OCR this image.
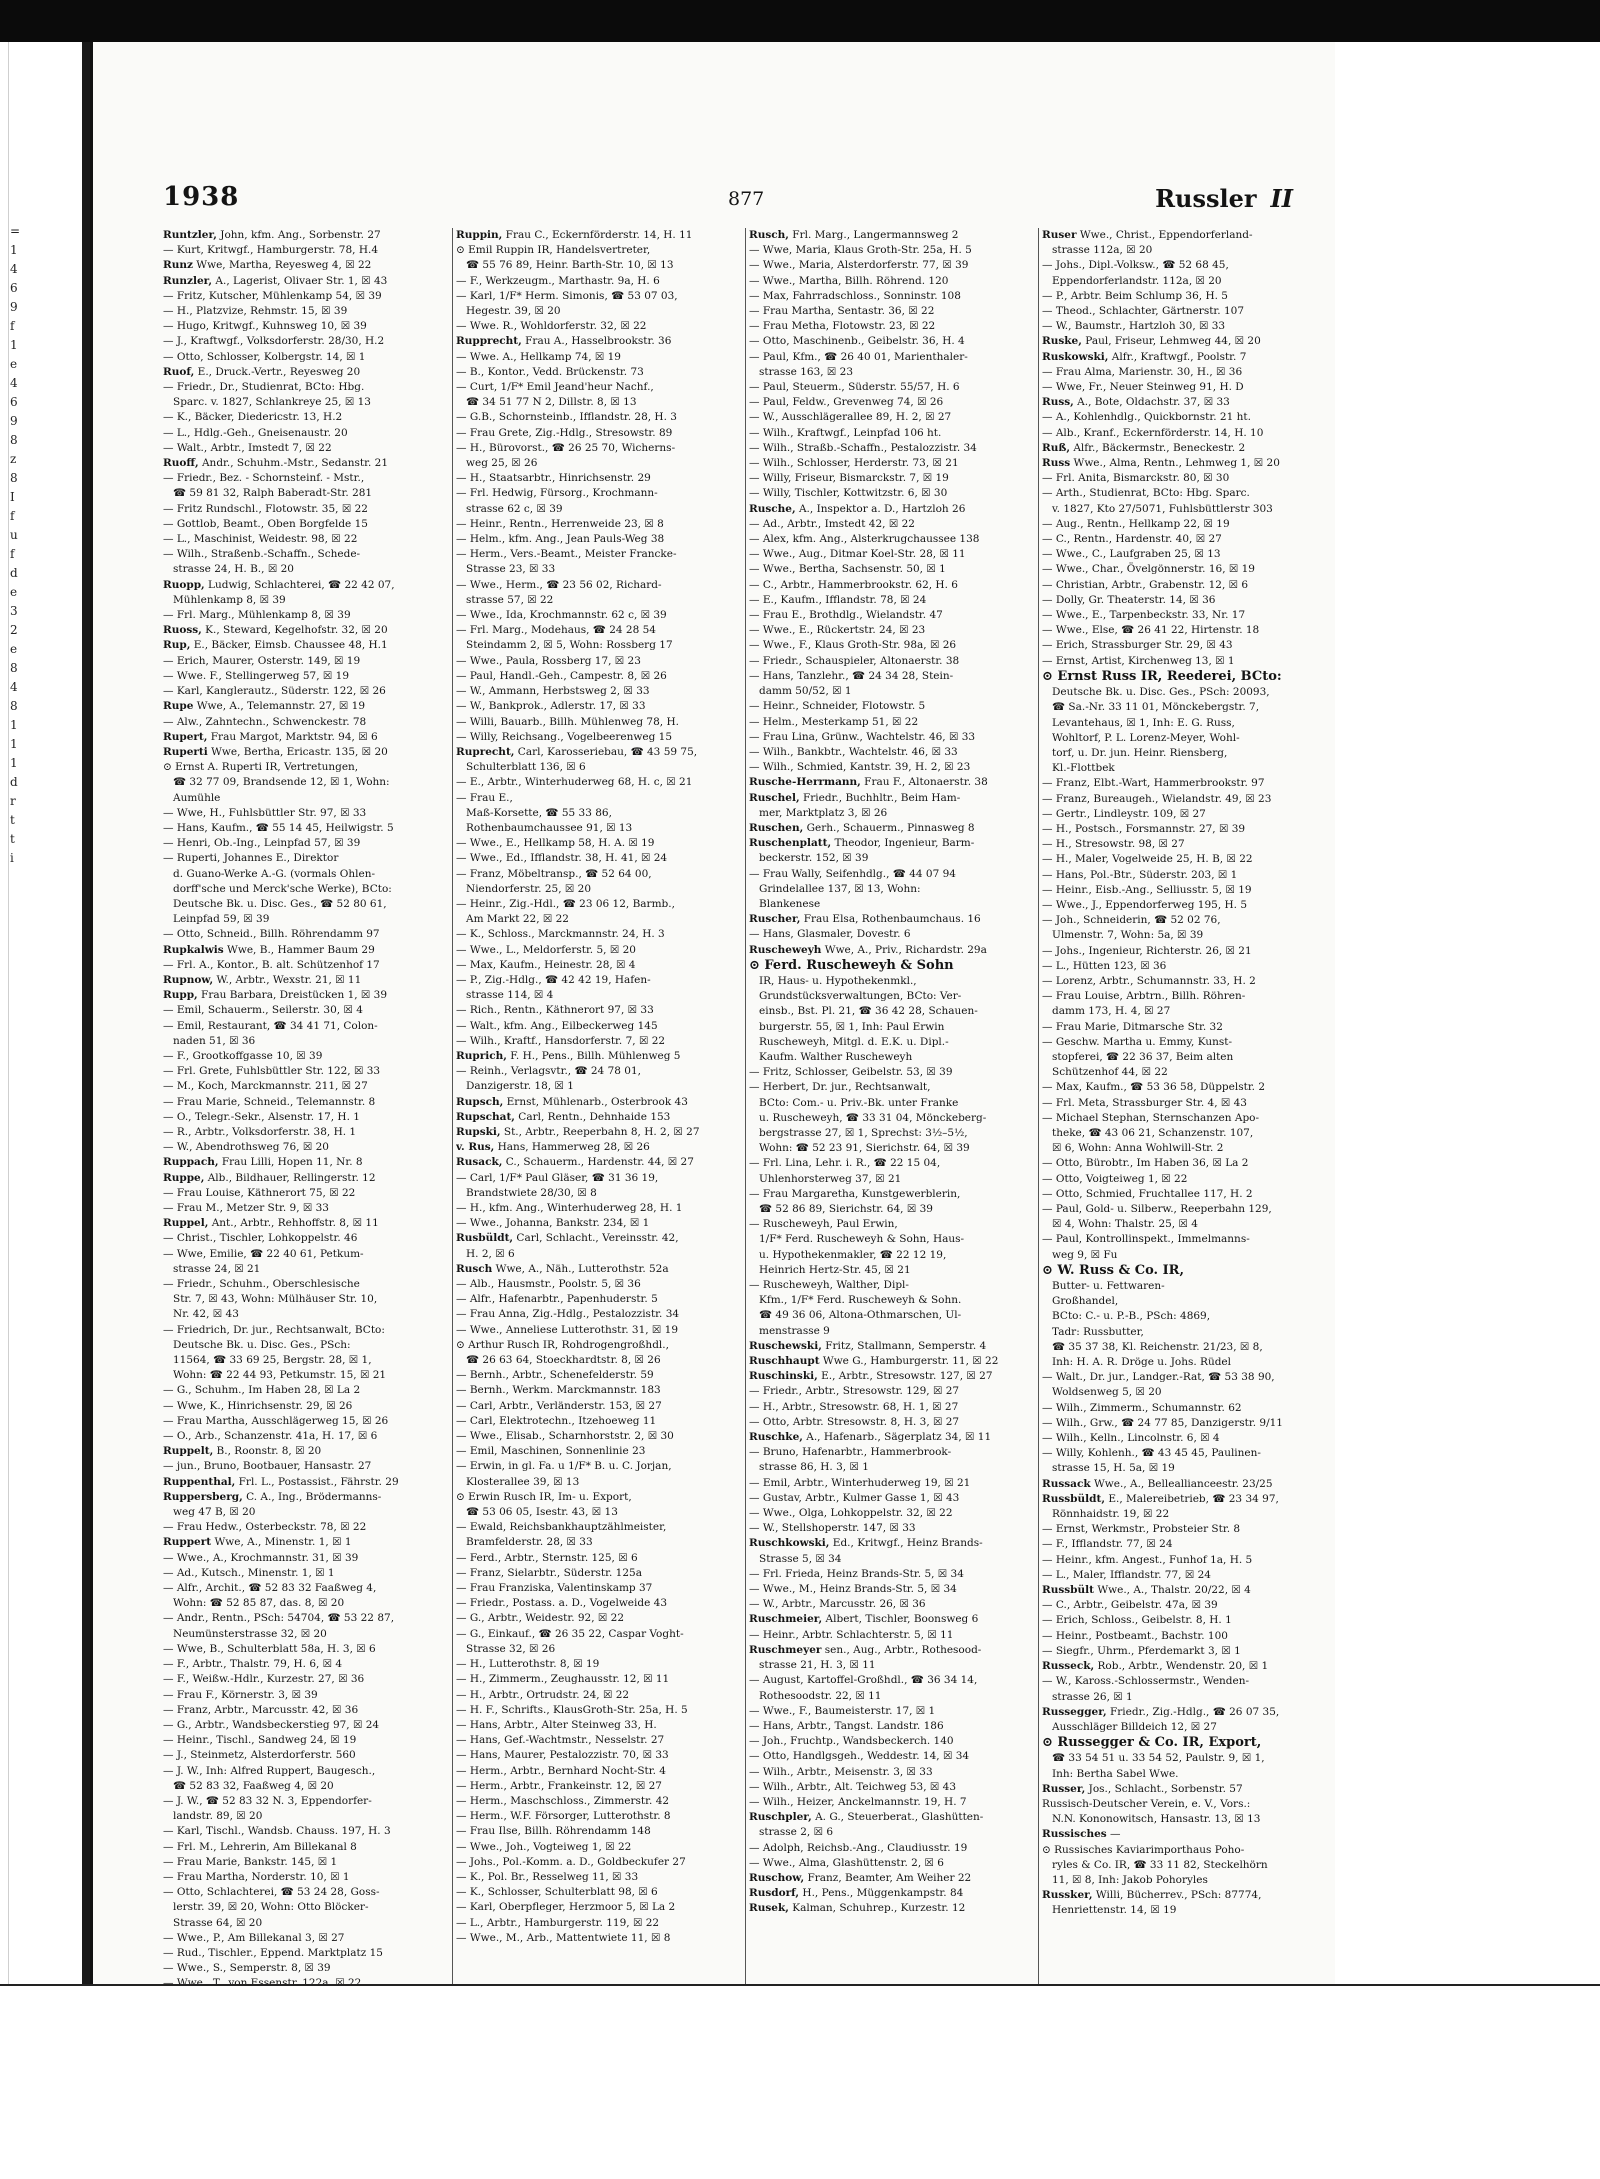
=
1
4
6
9
f
1
e
4
6
9
8
z
8
I
f
u
f
d
e
3
2
e
8
4
8
1
1
1
d
r
t
t
i
1938	877	Russler II
Runtzler, John, kfm. Ang., Sorbenstr. 27
— Kurt, Kritwgf., Hamburgerstr. 78, H.4
Runz Wwe, Martha, Reyesweg 4, ☒ 22
Runzler, A., Lagerist, Olivaer Str. 1, ☒ 43
— Fritz, Kutscher, Mühlenkamp 54, ☒ 39
— H., Platzvize, Rehmstr. 15, ☒ 39
— Hugo, Kritwgf., Kuhnsweg 10, ☒ 39
— J., Kraftwgf., Volksdorferstr. 28/30, H.2
— Otto, Schlosser, Kolbergstr. 14, ☒ 1
Ruof, E., Druck.-Vertr., Reyesweg 20
— Friedr., Dr., Studienrat, BCto: Hbg.
Sparc. v. 1827, Schlankreye 25, ☒ 13
— K., Bäcker, Diedericstr. 13, H.2
— L., Hdlg.-Geh., Gneisenaustr. 20
— Walt., Arbtr., Imstedt 7, ☒ 22
Ruoff, Andr., Schuhm.-Mstr., Sedanstr. 21
— Friedr., Bez. - Schornsteinf. - Mstr.,
☎ 59 81 32, Ralph Baberadt-Str. 281
— Fritz Rundschl., Flotowstr. 35, ☒ 22
— Gottlob, Beamt., Oben Borgfelde 15
— L., Maschinist, Weidestr. 98, ☒ 22
— Wilh., Straßenb.-Schaffn., Schede-
strasse 24, H. B., ☒ 20
Ruopp, Ludwig, Schlachterei, ☎ 22 42 07,
Mühlenkamp 8, ☒ 39
— Frl. Marg., Mühlenkamp 8, ☒ 39
Ruoss, K., Steward, Kegelhofstr. 32, ☒ 20
Rup, E., Bäcker, Eimsb. Chaussee 48, H.1
— Erich, Maurer, Osterstr. 149, ☒ 19
— Wwe. F., Stellingerweg 57, ☒ 19
— Karl, Kanglerautz., Süderstr. 122, ☒ 26
Rupe Wwe, A., Telemannstr. 27, ☒ 19
— Alw., Zahntechn., Schwenckestr. 78
Rupert, Frau Margot, Marktstr. 94, ☒ 6
Ruperti Wwe, Bertha, Ericastr. 135, ☒ 20
⊙ Ernst A. Ruperti IR, Vertretungen,
☎ 32 77 09, Brandsende 12, ☒ 1, Wohn:
Aumühle
— Wwe, H., Fuhlsbüttler Str. 97, ☒ 33
— Hans, Kaufm., ☎ 55 14 45, Heilwigstr. 5
— Henri, Ob.-Ing., Leinpfad 57, ☒ 39
— Ruperti, Johannes E., Direktor
d. Guano-Werke A.-G. (vormals Ohlen-
dorff'sche und Merck'sche Werke), BCto:
Deutsche Bk. u. Disc. Ges., ☎ 52 80 61,
Leinpfad 59, ☒ 39
— Otto, Schneid., Billh. Röhrendamm 97
Rupkalwis Wwe, B., Hammer Baum 29
— Frl. A., Kontor., B. alt. Schützenhof 17
Rupnow, W., Arbtr., Wexstr. 21, ☒ 11
Rupp, Frau Barbara, Dreistücken 1, ☒ 39
— Emil, Schauerm., Seilerstr. 30, ☒ 4
— Emil, Restaurant, ☎ 34 41 71, Colon-
naden 51, ☒ 36
— F., Grootkoffgasse 10, ☒ 39
— Frl. Grete, Fuhlsbüttler Str. 122, ☒ 33
— M., Koch, Marckmannstr. 211, ☒ 27
— Frau Marie, Schneid., Telemannstr. 8
— O., Telegr.-Sekr., Alsenstr. 17, H. 1
— R., Arbtr., Volksdorferstr. 38, H. 1
— W., Abendrothsweg 76, ☒ 20
Ruppach, Frau Lilli, Hopen 11, Nr. 8
Ruppe, Alb., Bildhauer, Rellingerstr. 12
— Frau Louise, Käthnerort 75, ☒ 22
— Frau M., Metzer Str. 9, ☒ 33
Ruppel, Ant., Arbtr., Rehhoffstr. 8, ☒ 11
— Christ., Tischler, Lohkoppelstr. 46
— Wwe, Emilie, ☎ 22 40 61, Petkum-
strasse 24, ☒ 21
— Friedr., Schuhm., Oberschlesische
Str. 7, ☒ 43, Wohn: Mülhäuser Str. 10,
Nr. 42, ☒ 43
— Friedrich, Dr. jur., Rechtsanwalt, BCto:
Deutsche Bk. u. Disc. Ges., PSch:
11564, ☎ 33 69 25, Bergstr. 28, ☒ 1,
Wohn: ☎ 22 44 93, Petkumstr. 15, ☒ 21
— G., Schuhm., Im Haben 28, ☒ La 2
— Wwe, K., Hinrichsenstr. 29, ☒ 26
— Frau Martha, Ausschlägerweg 15, ☒ 26
— O., Arb., Schanzenstr. 41a, H. 17, ☒ 6
Ruppelt, B., Roonstr. 8, ☒ 20
— jun., Bruno, Bootbauer, Hansastr. 27
Ruppenthal, Frl. L., Postassist., Fährstr. 29
Ruppersberg, C. A., Ing., Brödermanns-
weg 47 B, ☒ 20
— Frau Hedw., Osterbeckstr. 78, ☒ 22
Ruppert Wwe, A., Minenstr. 1, ☒ 1
— Wwe., A., Krochmannstr. 31, ☒ 39
— Ad., Kutsch., Minenstr. 1, ☒ 1
— Alfr., Archit., ☎ 52 83 32 Faaßweg 4,
Wohn: ☎ 52 85 87, das. 8, ☒ 20
— Andr., Rentn., PSch: 54704, ☎ 53 22 87,
Neumünsterstrasse 32, ☒ 20
— Wwe, B., Schulterblatt 58a, H. 3, ☒ 6
— F., Arbtr., Thalstr. 79, H. 6, ☒ 4
— F., Weißw.-Hdlr., Kurzestr. 27, ☒ 36
— Frau F., Körnerstr. 3, ☒ 39
— Franz, Arbtr., Marcusstr. 42, ☒ 36
— G., Arbtr., Wandsbeckerstieg 97, ☒ 24
— Heinr., Tischl., Sandweg 24, ☒ 19
— J., Steinmetz, Alsterdorferstr. 560
— J. W., Inh: Alfred Ruppert, Baugesch.,
☎ 52 83 32, Faaßweg 4, ☒ 20
— J. W., ☎ 52 83 32 N. 3, Eppendorfer-
landstr. 89, ☒ 20
— Karl, Tischl., Wandsb. Chauss. 197, H. 3
— Frl. M., Lehrerin, Am Billekanal 8
— Frau Marie, Bankstr. 145, ☒ 1
— Frau Martha, Norderstr. 10, ☒ 1
— Otto, Schlachterei, ☎ 53 24 28, Goss-
lerstr. 39, ☒ 20, Wohn: Otto Blöcker-
Strasse 64, ☒ 20
— Wwe., P., Am Billekanal 3, ☒ 27
— Rud., Tischler., Eppend. Marktplatz 15
— Wwe., S., Semperstr. 8, ☒ 39
Ruppin, Frau C., Eckernförderstr. 14, H. 11
⊙ Emil Ruppin IR, Handelsvertreter,
☎ 55 76 89, Heinr. Barth-Str. 10, ☒ 13
— F., Werkzeugm., Marthastr. 9a, H. 6
— Karl, 1/F* Herm. Simonis, ☎ 53 07 03,
Hegestr. 39, ☒ 20
— Wwe. R., Wohldorferstr. 32, ☒ 22
Rupprecht, Frau A., Hasselbrookstr. 36
— Wwe. A., Hellkamp 74, ☒ 19
— B., Kontor., Vedd. Brückenstr. 73
— Curt, 1/F* Emil Jeand'heur Nachf.,
☎ 34 51 77 N 2, Dillstr. 8, ☒ 13
— G.B., Schornsteinb., Ifflandstr. 28, H. 3
— Frau Grete, Zig.-Hdlg., Stresowstr. 89
— H., Bürovorst., ☎ 26 25 70, Wicherns-
weg 25, ☒ 26
— H., Staatsarbtr., Hinrichsenstr. 29
— Frl. Hedwig, Fürsorg., Krochmann-
strasse 62 c, ☒ 39
— Heinr., Rentn., Herrenweide 23, ☒ 8
— Helm., kfm. Ang., Jean Pauls-Weg 38
— Herm., Vers.-Beamt., Meister Francke-
Strasse 23, ☒ 33
— Wwe., Herm., ☎ 23 56 02, Richard-
strasse 57, ☒ 22
— Wwe., Ida, Krochmannstr. 62 c, ☒ 39
— Frl. Marg., Modehaus, ☎ 24 28 54
Steindamm 2, ☒ 5, Wohn: Rossberg 17
— Wwe., Paula, Rossberg 17, ☒ 23
— Paul, Handl.-Geh., Campestr. 8, ☒ 26
— W., Ammann, Herbstsweg 2, ☒ 33
— W., Bankprok., Adlerstr. 17, ☒ 33
— Willi, Bauarb., Billh. Mühlenweg 78, H.
— Willy, Reichsang., Vogelbeerenweg 15
Ruprecht, Carl, Karosseriebau, ☎ 43 59 75,
Schulterblatt 136, ☒ 6
— E., Arbtr., Winterhuderweg 68, H. c, ☒ 21
— Frau E.,
Maß-Korsette, ☎ 55 33 86,
Rothenbaumchaussee 91, ☒ 13
— Wwe., E., Hellkamp 58, H. A. ☒ 19
— Wwe., Ed., Ifflandstr. 38, H. 41, ☒ 24
— Franz, Möbeltransp., ☎ 52 64 00,
Niendorferstr. 25, ☒ 20
— Heinr., Zig.-Hdl., ☎ 23 06 12, Barmb.,
Am Markt 22, ☒ 22
— K., Schloss., Marckmannstr. 24, H. 3
— Wwe., L., Meldorferstr. 5, ☒ 20
— Max, Kaufm., Heinestr. 28, ☒ 4
— P., Zig.-Hdlg., ☎ 42 42 19, Hafen-
strasse 114, ☒ 4
— Rich., Rentn., Käthnerort 97, ☒ 33
— Walt., kfm. Ang., Eilbeckerweg 145
— Wilh., Kraftf., Hansdorferstr. 7, ☒ 22
Ruprich, F. H., Pens., Billh. Mühlenweg 5
— Reinh., Verlagsvtr., ☎ 24 78 01,
Danzigerstr. 18, ☒ 1
Rupsch, Ernst, Mühlenarb., Osterbrook 43
Rupschat, Carl, Rentn., Dehnhaide 153
Rupski, St., Arbtr., Reeperbahn 8, H. 2, ☒ 27
v. Rus, Hans, Hammerweg 28, ☒ 26
Rusack, C., Schauerm., Hardenstr. 44, ☒ 27
— Carl, 1/F* Paul Gläser, ☎ 31 36 19,
Brandstwiete 28/30, ☒ 8
— H., kfm. Ang., Winterhuderweg 28, H. 1
— Wwe., Johanna, Bankstr. 234, ☒ 1
Rusbüldt, Carl, Schlacht., Vereinsstr. 42,
H. 2, ☒ 6
Rusch Wwe, A., Näh., Lutterothstr. 52a
— Alb., Hausmstr., Poolstr. 5, ☒ 36
— Alfr., Hafenarbtr., Papenhuderstr. 5
— Frau Anna, Zig.-Hdlg., Pestalozzistr. 34
— Wwe., Anneliese Lutterothstr. 31, ☒ 19
⊙ Arthur Rusch IR, Rohdrogengroßhdl.,
☎ 26 63 64, Stoeckhardtstr. 8, ☒ 26
— Bernh., Arbtr., Schenefelderstr. 59
— Bernh., Werkm. Marckmannstr. 183
— Carl, Arbtr., Verländerstr. 153, ☒ 27
— Carl, Elektrotechn., Itzehoeweg 11
— Wwe., Elisab., Scharnhorststr. 2, ☒ 30
— Emil, Maschinen, Sonnenlinie 23
— Erwin, in gl. Fa. u 1/F* B. u. C. Jorjan,
Klosterallee 39, ☒ 13
⊙ Erwin Rusch IR, Im- u. Export,
☎ 53 06 05, Isestr. 43, ☒ 13
— Ewald, Reichsbankhauptzählmeister,
Bramfelderstr. 28, ☒ 33
— Ferd., Arbtr., Sternstr. 125, ☒ 6
— Franz, Sielarbtr., Süderstr. 125a
— Frau Franziska, Valentinskamp 37
— Friedr., Postass. a. D., Vogelweide 43
— G., Arbtr., Weidestr. 92, ☒ 22
— G., Einkauf., ☎ 26 35 22, Caspar Voght-
Strasse 32, ☒ 26
— H., Lutterothstr. 8, ☒ 19
— H., Zimmerm., Zeughausstr. 12, ☒ 11
— H., Arbtr., Ortrudstr. 24, ☒ 22
— H. F., Schrifts., KlausGroth-Str. 25a, H. 5
— Hans, Arbtr., Alter Steinweg 33, H.
— Hans, Gef.-Wachtmstr., Nesselstr. 27
— Hans, Maurer, Pestalozzistr. 70, ☒ 33
— Herm., Arbtr., Bernhard Nocht-Str. 4
— Herm., Arbtr., Frankeinstr. 12, ☒ 27
— Herm., Maschschloss., Zimmerstr. 42
— Herm., W.F. Försorger, Lutterothstr. 8
— Frau Ilse, Billh. Röhrendamm 148
— Wwe., Joh., Vogteiweg 1, ☒ 22
— Johs., Pol.-Komm. a. D., Goldbeckufer 27
— K., Pol. Br., Resselweg 11, ☒ 33
— K., Schlosser, Schulterblatt 98, ☒ 6
— Karl, Oberpfleger, Herzmoor 5, ☒ La 2
— L., Arbtr., Hamburgerstr. 119, ☒ 22
— Wwe., M., Arb., Mattentwiete 11, ☒ 8
Rusch, Frl. Marg., Langermannsweg 2
— Wwe, Maria, Klaus Groth-Str. 25a, H. 5
— Wwe., Maria, Alsterdorferstr. 77, ☒ 39
— Wwe., Martha, Billh. Röhrend. 120
— Max, Fahrradschloss., Sonninstr. 108
— Frau Martha, Sentastr. 36, ☒ 22
— Frau Metha, Flotowstr. 23, ☒ 22
— Otto, Maschinenb., Geibelstr. 36, H. 4
— Paul, Kfm., ☎ 26 40 01, Marienthaler-
strasse 163, ☒ 23
— Paul, Steuerm., Süderstr. 55/57, H. 6
— Paul, Feldw., Grevenweg 74, ☒ 26
— W., Ausschlägerallee 89, H. 2, ☒ 27
— Wilh., Kraftwgf., Leinpfad 106 ht.
— Wilh., Straßb.-Schaffn., Pestalozzistr. 34
— Wilh., Schlosser, Herderstr. 73, ☒ 21
— Willy, Friseur, Bismarckstr. 7, ☒ 19
— Willy, Tischler, Kottwitzstr. 6, ☒ 30
Rusche, A., Inspektor a. D., Hartzloh 26
— Ad., Arbtr., Imstedt 42, ☒ 22
— Alex, kfm. Ang., Alsterkrugchaussee 138
— Wwe., Aug., Ditmar Koel-Str. 28, ☒ 11
— Wwe., Bertha, Sachsenstr. 50, ☒ 1
— C., Arbtr., Hammerbrookstr. 62, H. 6
— E., Kaufm., Ifflandstr. 78, ☒ 24
— Frau E., Brothdlg., Wielandstr. 47
— Wwe., E., Rückertstr. 24, ☒ 23
— Wwe., F., Klaus Groth-Str. 98a, ☒ 26
— Friedr., Schauspieler, Altonaerstr. 38
— Hans, Tanzlehr., ☎ 24 34 28, Stein-
damm 50/52, ☒ 1
— Heinr., Schneider, Flotowstr. 5
— Helm., Mesterkamp 51, ☒ 22
— Frau Lina, Grünw., Wachtelstr. 46, ☒ 33
— Wilh., Bankbtr., Wachtelstr. 46, ☒ 33
— Wilh., Schmied, Kantstr. 39, H. 2, ☒ 23
Rusche-Herrmann, Frau F., Altonaerstr. 38
Ruschel, Friedr., Buchhltr., Beim Ham-
mer, Marktplatz 3, ☒ 26
Ruschen, Gerh., Schauerm., Pinnasweg 8
Ruschenplatt, Theodor, Ingenieur, Barm-
beckerstr. 152, ☒ 39
— Frau Wally, Seifenhdlg., ☎ 44 07 94
Grindelallee 137, ☒ 13, Wohn:
Blankenese
Ruscher, Frau Elsa, Rothenbaumchaus. 16
— Hans, Glasmaler, Dovestr. 6
Ruscheweyh Wwe, A., Priv., Richardstr. 29a
⊙ Ferd. Ruscheweyh & Sohn
IR, Haus- u. Hypothekenmkl.,
Grundstücksverwaltungen, BCto: Ver-
einsb., Bst. Pl. 21, ☎ 36 42 28, Schauen-
burgerstr. 55, ☒ 1, Inh: Paul Erwin
Ruscheweyh, Mitgl. d. E.K. u. Dipl.-
Kaufm. Walther Ruscheweyh
— Fritz, Schlosser, Geibelstr. 53, ☒ 39
— Herbert, Dr. jur., Rechtsanwalt,
BCto: Com.- u. Priv.-Bk. unter Franke
u. Ruscheweyh, ☎ 33 31 04, Mönckeberg-
bergstrasse 27, ☒ 1, Sprechst: 3½–5½,
Wohn: ☎ 52 23 91, Sierichstr. 64, ☒ 39
— Frl. Lina, Lehr. i. R., ☎ 22 15 04,
Uhlenhorsterweg 37, ☒ 21
— Frau Margaretha, Kunstgewerblerin,
☎ 52 86 89, Sierichstr. 64, ☒ 39
— Ruscheweyh, Paul Erwin,
1/F* Ferd. Ruscheweyh & Sohn, Haus-
u. Hypothekenmakler, ☎ 22 12 19,
Heinrich Hertz-Str. 45, ☒ 21
— Ruscheweyh, Walther, Dipl-
Kfm., 1/F* Ferd. Ruscheweyh & Sohn.
☎ 49 36 06, Altona-Othmarschen, Ul-
menstrasse 9
Ruschewski, Fritz, Stallmann, Semperstr. 4
Ruschhaupt Wwe G., Hamburgerstr. 11, ☒ 22
Ruschinski, E., Arbtr., Stresowstr. 127, ☒ 27
— Friedr., Arbtr., Stresowstr. 129, ☒ 27
— H., Arbtr., Stresowstr. 68, H. 1, ☒ 27
— Otto, Arbtr. Stresowstr. 8, H. 3, ☒ 27
Ruschke, A., Hafenarb., Sägerplatz 34, ☒ 11
— Bruno, Hafenarbtr., Hammerbrook-
strasse 86, H. 3, ☒ 1
— Emil, Arbtr., Winterhuderweg 19, ☒ 21
— Gustav, Arbtr., Kulmer Gasse 1, ☒ 43
— Wwe., Olga, Lohkoppelstr. 32, ☒ 22
— W., Stellshoperstr. 147, ☒ 33
Ruschkowski, Ed., Kritwgf., Heinz Brands-
Strasse 5, ☒ 34
— Frl. Frieda, Heinz Brands-Str. 5, ☒ 34
— Wwe., M., Heinz Brands-Str. 5, ☒ 34
— W., Arbtr., Marcusstr. 26, ☒ 36
Ruschmeier, Albert, Tischler, Boonsweg 6
— Heinr., Arbtr. Schlachterstr. 5, ☒ 11
Ruschmeyer sen., Aug., Arbtr., Rothesood-
strasse 21, H. 3, ☒ 11
— August, Kartoffel-Großhdl., ☎ 36 34 14,
Rothesoodstr. 22, ☒ 11
— Wwe., F., Baumeisterstr. 17, ☒ 1
— Hans, Arbtr., Tangst. Landstr. 186
— Joh., Fruchtp., Wandsbeckerch. 140
— Otto, Handlgsgeh., Weddestr. 14, ☒ 34
— Wilh., Arbtr., Meisenstr. 3, ☒ 33
— Wilh., Arbtr., Alt. Teichweg 53, ☒ 43
— Wilh., Heizer, Anckelmannstr. 19, H. 7
Ruschpler, A. G., Steuerberat., Glashütten-
strasse 2, ☒ 6
— Adolph, Reichsb.-Ang., Claudiusstr. 19
— Wwe., Alma, Glashüttenstr. 2, ☒ 6
Ruschow, Franz, Beamter, Am Weiher 22
Rusdorf, H., Pens., Müggenkampstr. 84
Rusek, Kalman, Schuhrep., Kurzestr. 12
Ruser Wwe., Christ., Eppendorferland-
strasse 112a, ☒ 20
— Johs., Dipl.-Volksw., ☎ 52 68 45,
Eppendorferlandstr. 112a, ☒ 20
— P., Arbtr. Beim Schlump 36, H. 5
— Theod., Schlachter, Gärtnerstr. 107
— W., Baumstr., Hartzloh 30, ☒ 33
Ruske, Paul, Friseur, Lehmweg 44, ☒ 20
Ruskowski, Alfr., Kraftwgf., Poolstr. 7
— Frau Alma, Marienstr. 30, H., ☒ 36
— Wwe, Fr., Neuer Steinweg 91, H. D
Russ, A., Bote, Oldachstr. 37, ☒ 33
— A., Kohlenhdlg., Quickbornstr. 21 ht.
— Alb., Kranf., Eckernförderstr. 14, H. 10
Ruß, Alfr., Bäckermstr., Beneckestr. 2
Russ Wwe., Alma, Rentn., Lehmweg 1, ☒ 20
— Frl. Anita, Bismarckstr. 80, ☒ 30
— Arth., Studienrat, BCto: Hbg. Sparc.
v. 1827, Kto 27/5071, Fuhlsbüttlerstr 303
— Aug., Rentn., Hellkamp 22, ☒ 19
— C., Rentn., Hardenstr. 40, ☒ 27
— Wwe., C., Laufgraben 25, ☒ 13
— Wwe., Char., Övelgönnerstr. 16, ☒ 19
— Christian, Arbtr., Grabenstr. 12, ☒ 6
— Dolly, Gr. Theaterstr. 14, ☒ 36
— Wwe., E., Tarpenbeckstr. 33, Nr. 17
— Wwe., Else, ☎ 26 41 22, Hirtenstr. 18
— Erich, Strassburger Str. 29, ☒ 43
— Ernst, Artist, Kirchenweg 13, ☒ 1
⊙ Ernst Russ IR, Reederei, BCto:
Deutsche Bk. u. Disc. Ges., PSch: 20093,
☎ Sa.-Nr. 33 11 01, Mönckebergstr. 7,
Levantehaus, ☒ 1, Inh: E. G. Russ,
Wohltorf, P. L. Lorenz-Meyer, Wohl-
torf, u. Dr. jun. Heinr. Riensberg,
Kl.-Flottbek
— Franz, Elbt.-Wart, Hammerbrookstr. 97
— Franz, Bureaugeh., Wielandstr. 49, ☒ 23
— Gertr., Lindleystr. 109, ☒ 27
— H., Postsch., Forsmannstr. 27, ☒ 39
— H., Stresowstr. 98, ☒ 27
— H., Maler, Vogelweide 25, H. B, ☒ 22
— Hans, Pol.-Btr., Süderstr. 203, ☒ 1
— Heinr., Eisb.-Ang., Selliusstr. 5, ☒ 19
— Wwe., J., Eppendorferweg 195, H. 5
— Joh., Schneiderin, ☎ 52 02 76,
Ulmenstr. 7, Wohn: 5a, ☒ 39
— Johs., Ingenieur, Richterstr. 26, ☒ 21
— L., Hütten 123, ☒ 36
— Lorenz, Arbtr., Schumannstr. 33, H. 2
— Frau Louise, Arbtrn., Billh. Röhren-
damm 173, H. 4, ☒ 27
— Frau Marie, Ditmarsche Str. 32
— Geschw. Martha u. Emmy, Kunst-
stopferei, ☎ 22 36 37, Beim alten
Schützenhof 44, ☒ 22
— Max, Kaufm., ☎ 53 36 58, Düppelstr. 2
— Frl. Meta, Strassburger Str. 4, ☒ 43
— Michael Stephan, Sternschanzen Apo-
theke, ☎ 43 06 21, Schanzenstr. 107,
☒ 6, Wohn: Anna Wohlwill-Str. 2
— Otto, Bürobtr., Im Haben 36, ☒ La 2
— Otto, Voigteiweg 1, ☒ 22
— Otto, Schmied, Fruchtallee 117, H. 2
— Paul, Gold- u. Silberw., Reeperbahn 129,
☒ 4, Wohn: Thalstr. 25, ☒ 4
— Paul, Kontrollinspekt., Immelmanns-
weg 9, ☒ Fu
⊙ W. Russ & Co. IR,
Butter- u. Fettwaren-
Großhandel,
BCto: C.- u. P.-B., PSch: 4869,
Tadr: Russbutter,
☎ 35 37 38, Kl. Reichenstr. 21/23, ☒ 8,
Inh: H. A. R. Dröge u. Johs. Rüdel
— Walt., Dr. jur., Landger.-Rat, ☎ 53 38 90,
Woldsenweg 5, ☒ 20
— Wilh., Zimmerm., Schumannstr. 62
— Wilh., Grw., ☎ 24 77 85, Danzigerstr. 9/11
— Wilh., Kelln., Lincolnstr. 6, ☒ 4
— Willy, Kohlenh., ☎ 43 45 45, Paulinen-
strasse 15, H. 5a, ☒ 19
Russack Wwe., A., Belleallianceestr. 23/25
Russbüldt, E., Malereibetrieb, ☎ 23 34 97,
Rönnhaidstr. 19, ☒ 22
— Ernst, Werkmstr., Probsteier Str. 8
— F., Ifflandstr. 77, ☒ 24
— Heinr., kfm. Angest., Funhof 1a, H. 5
— L., Maler, Ifflandstr. 77, ☒ 24
Russbült Wwe., A., Thalstr. 20/22, ☒ 4
— C., Arbtr., Geibelstr. 47a, ☒ 39
— Erich, Schloss., Geibelstr. 8, H. 1
— Heinr., Postbeamt., Bachstr. 100
— Siegfr., Uhrm., Pferdemarkt 3, ☒ 1
Russeck, Rob., Arbtr., Wendenstr. 20, ☒ 1
— W., Kaross.-Schlossermstr., Wenden-
strasse 26, ☒ 1
Russegger, Friedr., Zig.-Hdlg., ☎ 26 07 35,
Ausschläger Billdeich 12, ☒ 27
⊙ Russegger & Co. IR, Export,
☎ 33 54 51 u. 33 54 52, Paulstr. 9, ☒ 1,
Inh: Bertha Sabel Wwe.
Russer, Jos., Schlacht., Sorbenstr. 57
Russisch-Deutscher Verein, e. V., Vors.:
N.N. Kononowitsch, Hansastr. 13, ☒ 13
Russisches —
⊙ Russisches Kaviarimporthaus Poho-
ryles & Co. IR, ☎ 33 11 82, Steckelhörn
11, ☒ 8, Inh: Jakob Pohoryles
Russker, Willi, Bücherrev., PSch: 87774,
Henriettenstr. 14, ☒ 19
